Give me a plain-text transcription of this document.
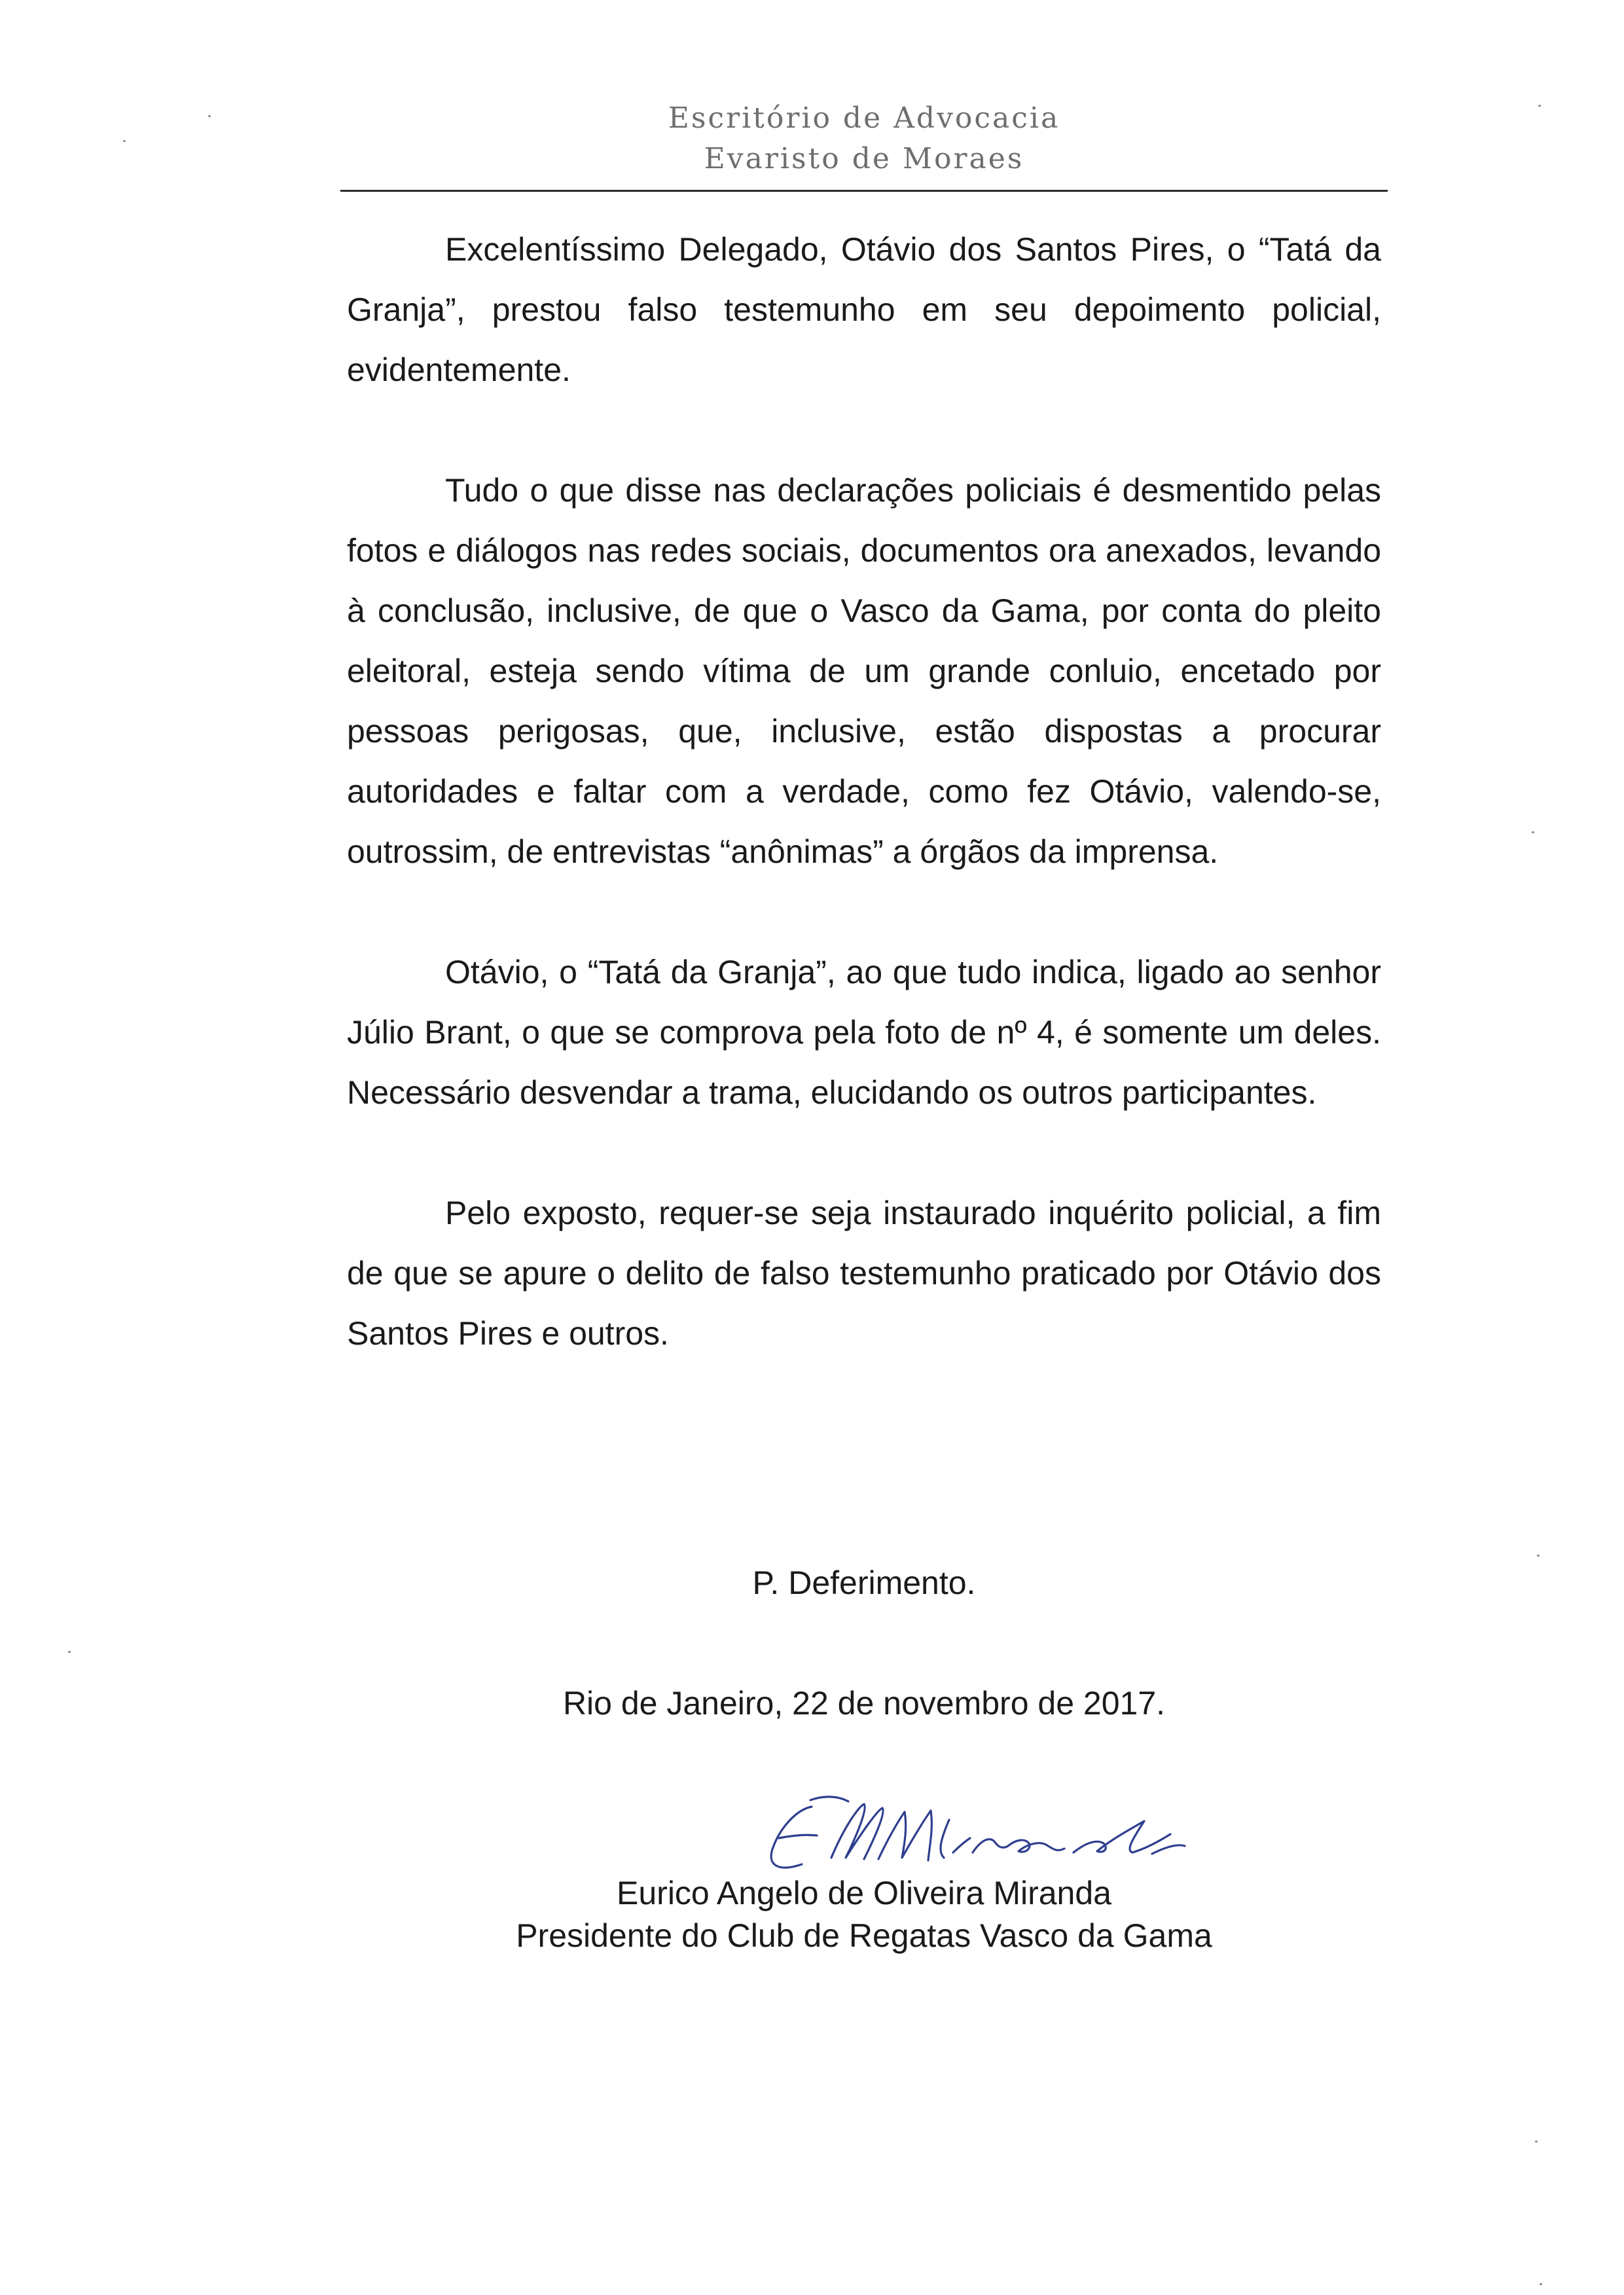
Escritório de Advocacia
Evaristo de Moraes

Excelentíssimo Delegado, Otávio dos Santos Pires, o “Tatá da Granja”, prestou falso testemunho em seu depoimento policial, evidentemente.

Tudo o que disse nas declarações policiais é desmentido pelas fotos e diálogos nas redes sociais, documentos ora anexados, levando à conclusão, inclusive, de que o Vasco da Gama, por conta do pleito eleitoral, esteja sendo vítima de um grande conluio, encetado por pessoas perigosas, que, inclusive, estão dispostas a procurar autoridades e faltar com a verdade, como fez Otávio, valendo-se, outrossim, de entrevistas “anônimas” a órgãos da imprensa.

Otávio, o “Tatá da Granja”, ao que tudo indica, ligado ao senhor Júlio Brant, o que se comprova pela foto de nº 4, é somente um deles. Necessário desvendar a trama, elucidando os outros participantes.

Pelo exposto, requer-se seja instaurado inquérito policial, a fim de que se apure o delito de falso testemunho praticado por Otávio dos Santos Pires e outros.

P. Deferimento.
Rio de Janeiro, 22 de novembro de 2017.
Eurico Angelo de Oliveira Miranda
Presidente do Club de Regatas Vasco da Gama
